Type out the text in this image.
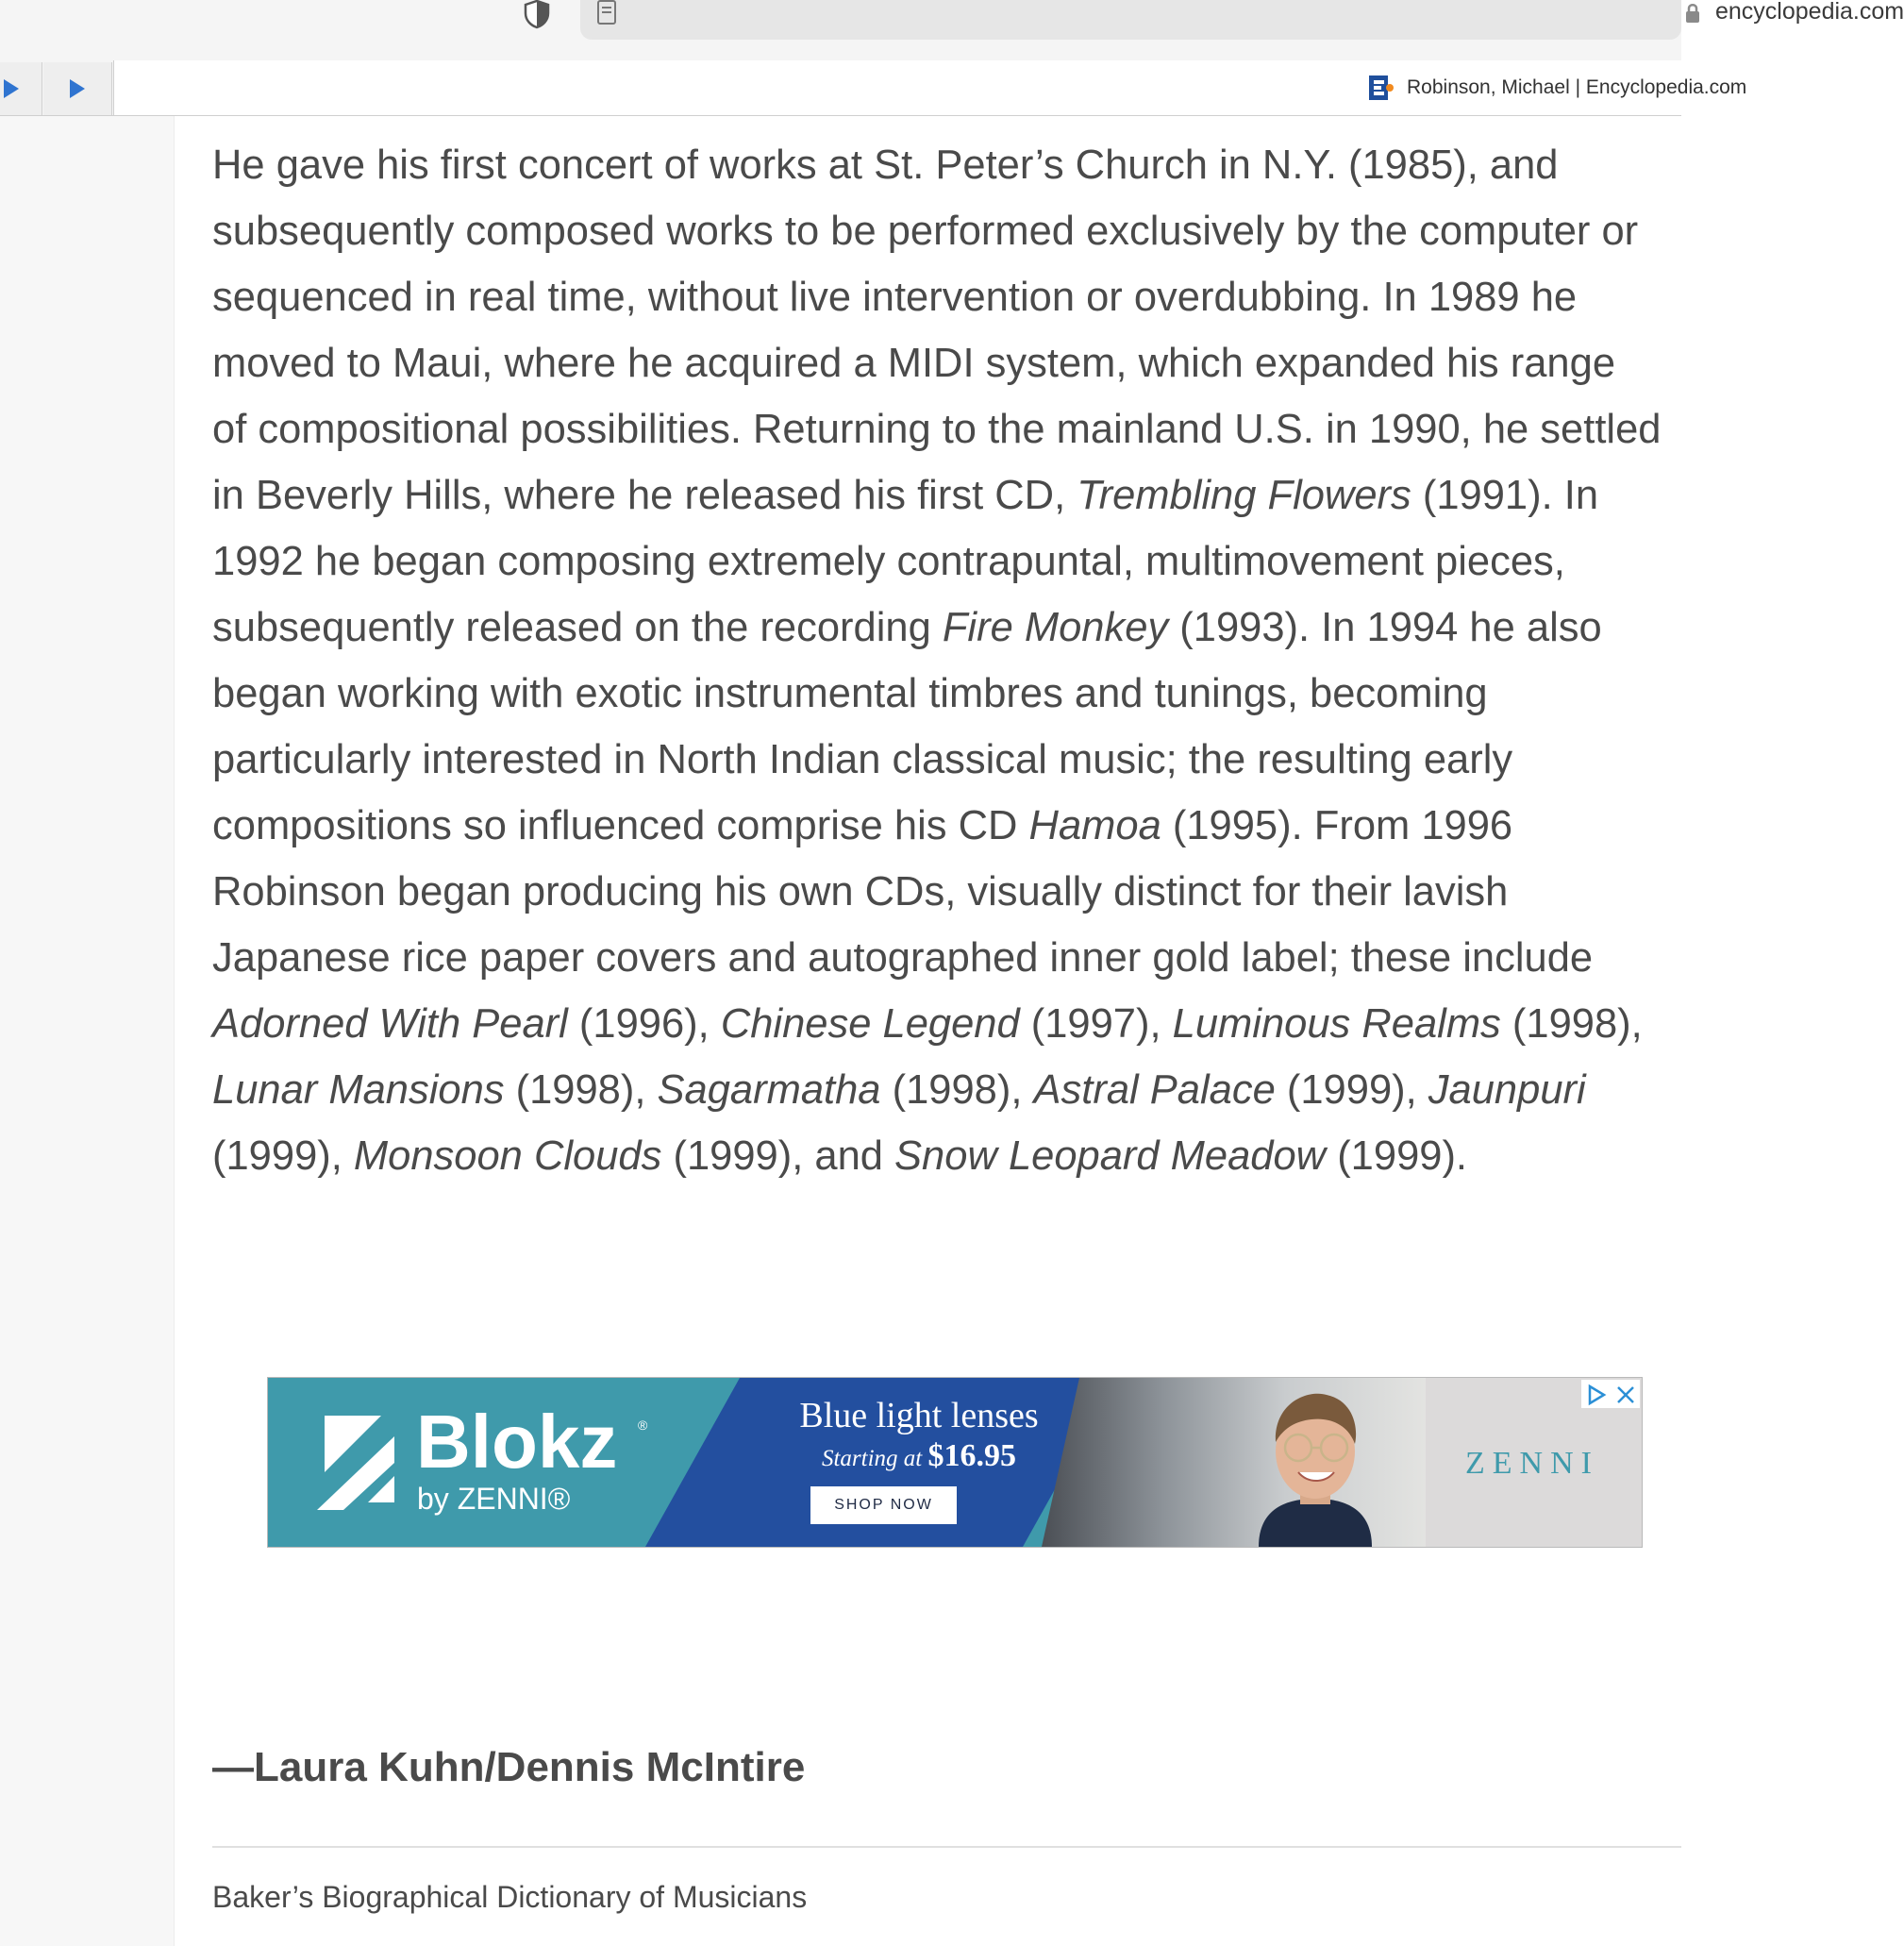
encyclopedia.com
Robinson, Michael | Encyclopedia.com
He gave his first concert of works at St. Peter’s Church in N.Y. (1985), and
subsequently composed works to be performed exclusively by the computer or
sequenced in real time, without live intervention or overdubbing. In 1989 he
moved to Maui, where he acquired a MIDI system, which expanded his range
of compositional possibilities. Returning to the mainland U.S. in 1990, he settled
in Beverly Hills, where he released his first CD, Trembling Flowers (1991). In
1992 he began composing extremely contrapuntal, multimovement pieces,
subsequently released on the recording Fire Monkey (1993). In 1994 he also
began working with exotic instrumental timbres and tunings, becoming
particularly interested in North Indian classical music; the resulting early
compositions so influenced comprise his CD Hamoa (1995). From 1996
Robinson began producing his own CDs, visually distinct for their lavish
Japanese rice paper covers and autographed inner gold label; these include
Adorned With Pearl (1996), Chinese Legend (1997), Luminous Realms (1998),
Lunar Mansions (1998), Sagarmatha (1998), Astral Palace (1999), Jaunpuri
(1999), Monsoon Clouds (1999), and Snow Leopard Meadow (1999).
Blokz ®
by ZENNI®
Blue light lenses
Starting at $16.95
SHOP NOW
ZENNI
—Laura Kuhn/Dennis McIntire
Baker’s Biographical Dictionary of Musicians
